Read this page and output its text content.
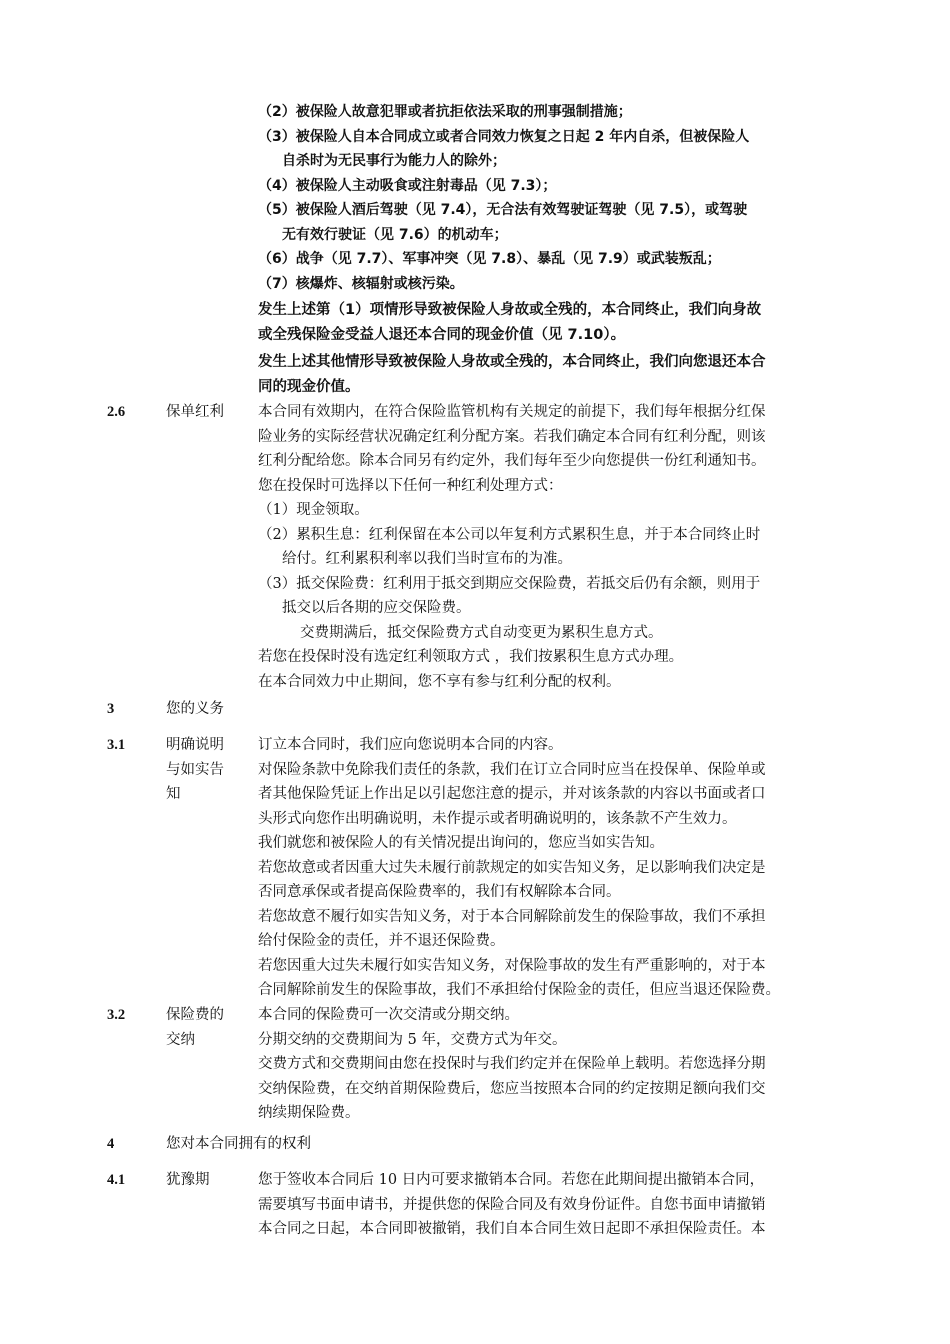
（2）被保险人故意犯罪或者抗拒依法采取的刑事强制措施；
（3）被保险人自本合同成立或者合同效力恢复之日起 2 年内自杀，但被保险人
自杀时为无民事行为能力人的除外；
（4）被保险人主动吸食或注射毒品（见 7.3）；
（5）被保险人酒后驾驶（见 7.4），无合法有效驾驶证驾驶（见 7.5），或驾驶
无有效行驶证（见 7.6）的机动车；
（6）战争（见 7.7）、军事冲突（见 7.8）、暴乱（见 7.9）或武装叛乱；
（7）核爆炸、核辐射或核污染。
发生上述第（1）项情形导致被保险人身故或全残的，本合同终止，我们向身故
或全残保险金受益人退还本合同的现金价值（见 7.10）。
发生上述其他情形导致被保险人身故或全残的，本合同终止，我们向您退还本合
同的现金价值。
2.6	保单红利	本合同有效期内，在符合保险监管机构有关规定的前提下，我们每年根据分红保
险业务的实际经营状况确定红利分配方案。若我们确定本合同有红利分配，则该
红利分配给您。除本合同另有约定外，我们每年至少向您提供一份红利通知书。
您在投保时可选择以下任何一种红利处理方式：
（1）现金领取。
（2）累积生息：红利保留在本公司以年复利方式累积生息，并于本合同终止时
给付。红利累积利率以我们当时宣布的为准。
（3）抵交保险费：红利用于抵交到期应交保险费，若抵交后仍有余额，则用于
抵交以后各期的应交保险费。
交费期满后，抵交保险费方式自动变更为累积生息方式。
若您在投保时没有选定红利领取方式 ，我们按累积生息方式办理。
在本合同效力中止期间，您不享有参与红利分配的权利。
3	您的义务
3.1	明确说明
与如实告
知
订立本合同时，我们应向您说明本合同的内容。
对保险条款中免除我们责任的条款，我们在订立合同时应当在投保单、保险单或
者其他保险凭证上作出足以引起您注意的提示，并对该条款的内容以书面或者口
头形式向您作出明确说明，未作提示或者明确说明的，该条款不产生效力。
我们就您和被保险人的有关情况提出询问的，您应当如实告知。
若您故意或者因重大过失未履行前款规定的如实告知义务，足以影响我们决定是
否同意承保或者提高保险费率的，我们有权解除本合同。
若您故意不履行如实告知义务，对于本合同解除前发生的保险事故，我们不承担
给付保险金的责任，并不退还保险费。
若您因重大过失未履行如实告知义务，对保险事故的发生有严重影响的，对于本
合同解除前发生的保险事故，我们不承担给付保险金的责任，但应当退还保险费。
3.2	保险费的
交纳
本合同的保险费可一次交清或分期交纳。
分期交纳的交费期间为 5 年，交费方式为年交。
交费方式和交费期间由您在投保时与我们约定并在保险单上载明。若您选择分期
交纳保险费，在交纳首期保险费后，您应当按照本合同的约定按期足额向我们交
纳续期保险费。
4	您对本合同拥有的权利
4.1	犹豫期	您于签收本合同后 10 日内可要求撤销本合同。若您在此期间提出撤销本合同，
需要填写书面申请书，并提供您的保险合同及有效身份证件。自您书面申请撤销
本合同之日起，本合同即被撤销，我们自本合同生效日起即不承担保险责任。本
